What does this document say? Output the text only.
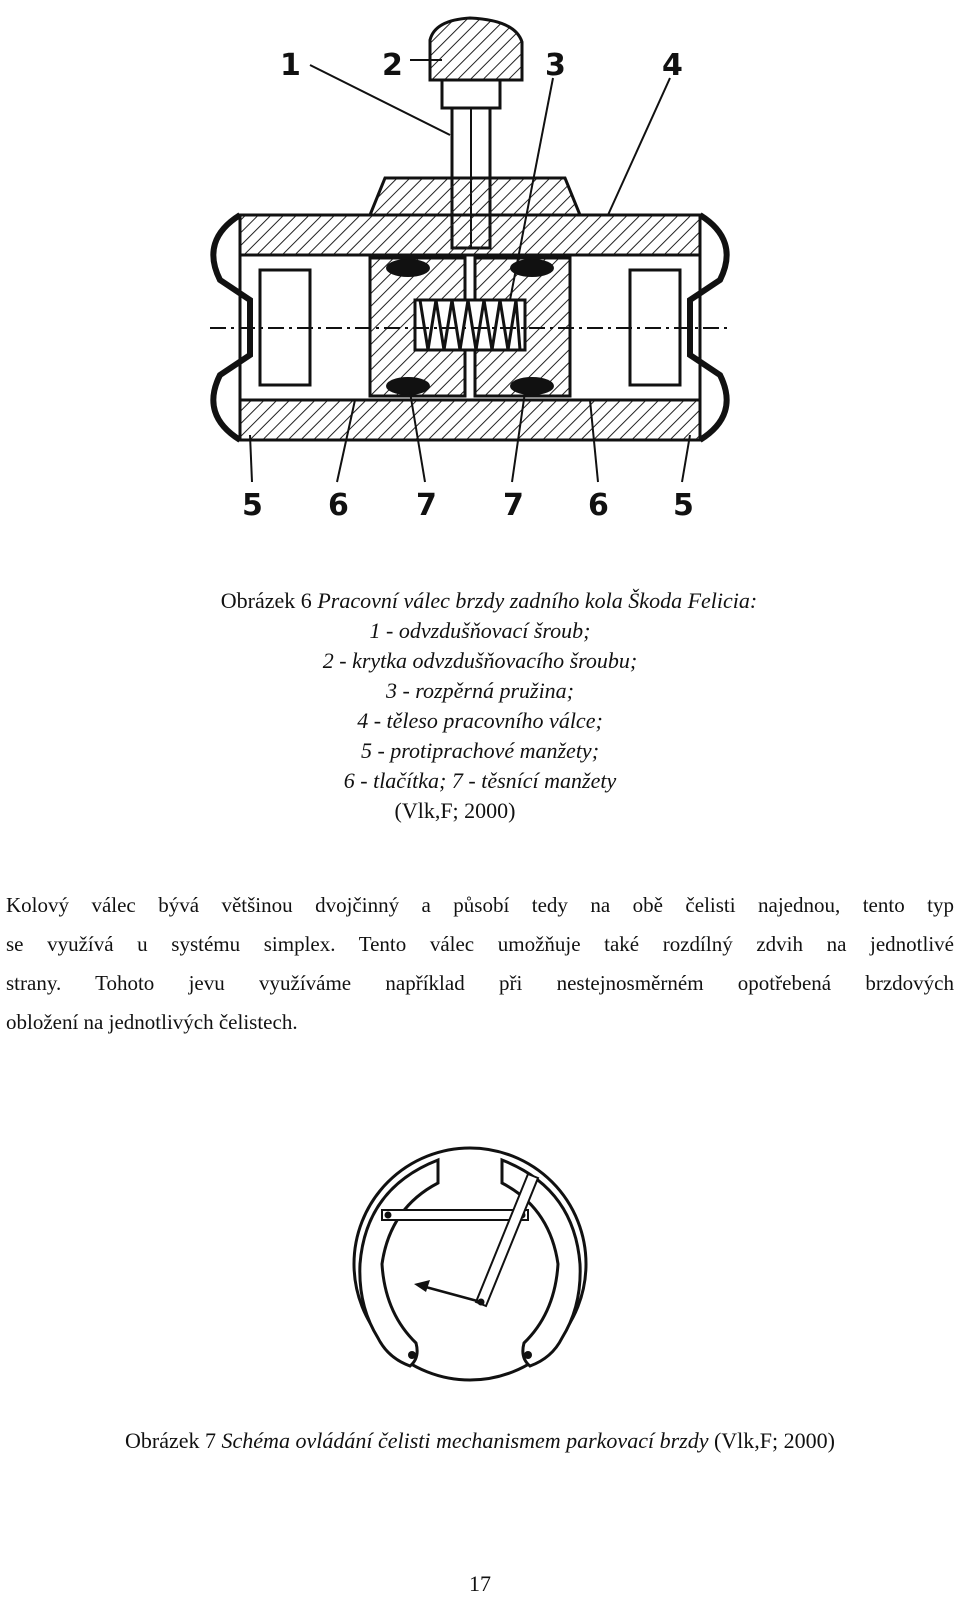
1	2	3	4
5 6 7 7 6 5
Obrázek 6 Pracovní válec brzdy zadního kola Škoda Felicia:
1 - odvzdušňovací šroub;
2 - krytka odvzdušňovacího šroubu;
3 - rozpěrná pružina;
4 - těleso pracovního válce;
5 - protiprachové manžety;
6 - tlačítka; 7 - těsnící manžety
(Vlk,F; 2000)
Kolový válec bývá většinou dvojčinný a působí tedy na obě čelisti najednou, tento typ
se využívá u systému simplex. Tento válec umožňuje také rozdílný zdvih na jednotlivé
strany. Tohoto jevu využíváme například při nestejnosměrném opotřebená brzdových
obložení na jednotlivých čelistech.
Obrázek 7 Schéma ovládání čelisti mechanismem parkovací brzdy (Vlk,F; 2000)
17
